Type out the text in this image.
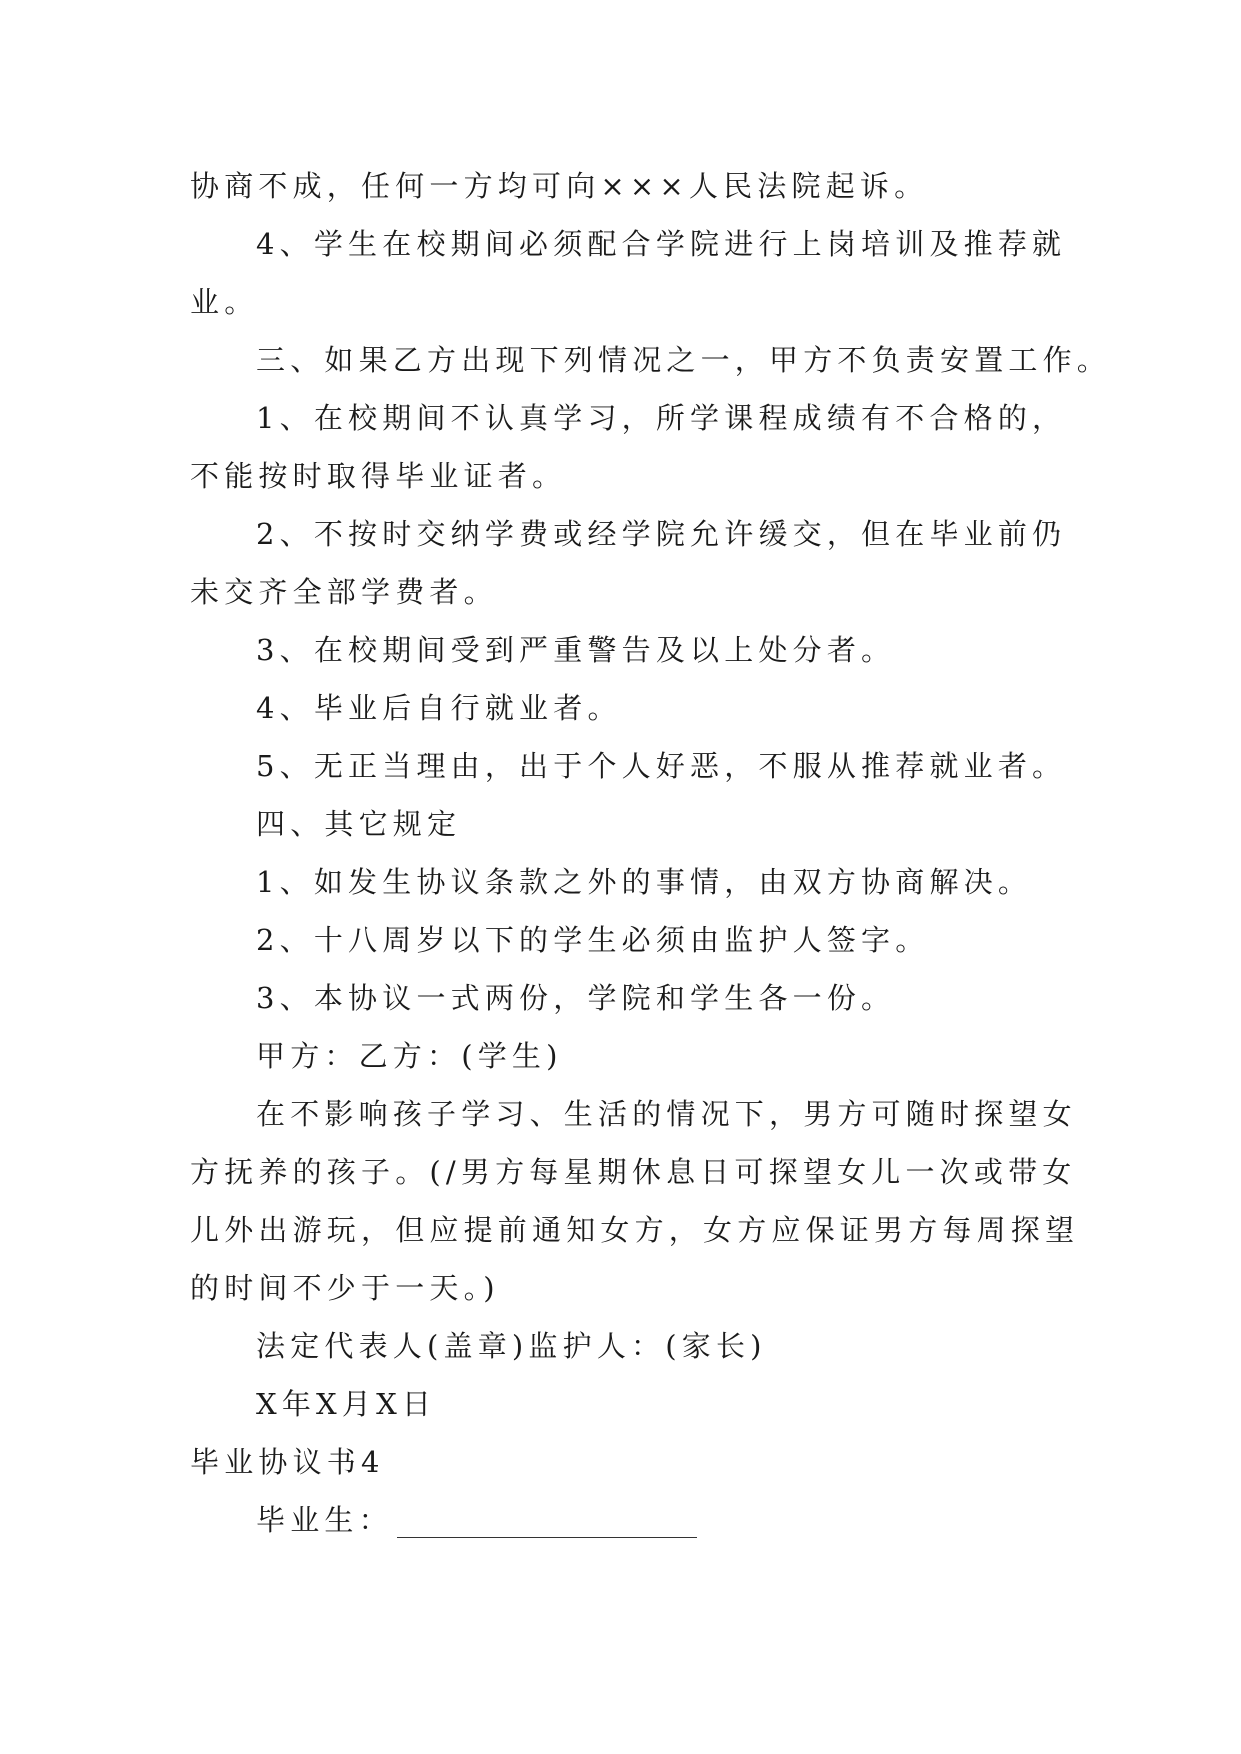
协商不成，任何一方均可向×××人民法院起诉。
4、学生在校期间必须配合学院进行上岗培训及推荐就
业。
三、如果乙方出现下列情况之一，甲方不负责安置工作。
1、在校期间不认真学习，所学课程成绩有不合格的，
不能按时取得毕业证者。
2、不按时交纳学费或经学院允许缓交，但在毕业前仍
未交齐全部学费者。
3、在校期间受到严重警告及以上处分者。
4、毕业后自行就业者。
5、无正当理由，出于个人好恶，不服从推荐就业者。
四、其它规定
1、如发生协议条款之外的事情，由双方协商解决。
2、十八周岁以下的学生必须由监护人签字。
3、本协议一式两份，学院和学生各一份。
甲方：乙方：(学生)
在不影响孩子学习、生活的情况下，男方可随时探望女
方抚养的孩子。(/男方每星期休息日可探望女儿一次或带女
儿外出游玩，但应提前通知女方，女方应保证男方每周探望
的时间不少于一天。)
法定代表人(盖章)监护人：(家长)
X年X月X日
毕业协议书4
毕业生：
